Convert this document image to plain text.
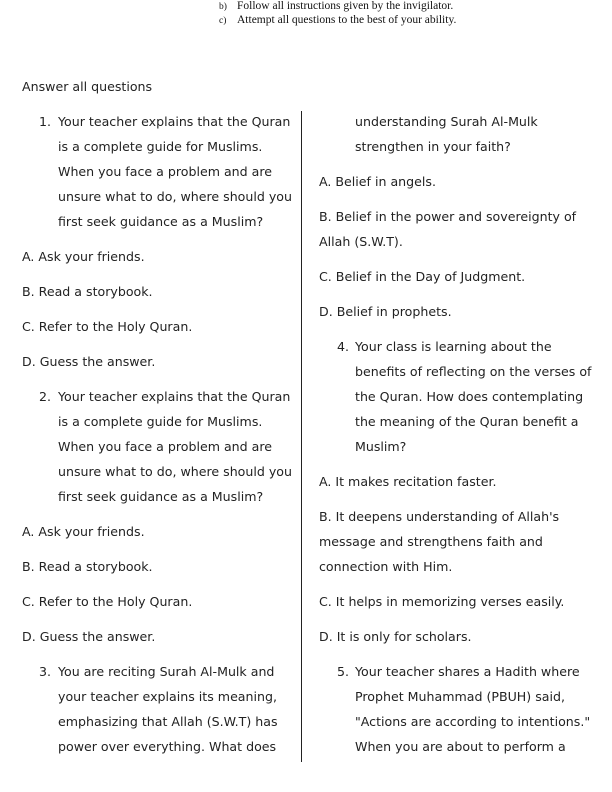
b) Follow all instructions given by the invigilator.
c) Attempt all questions to the best of your ability.
Answer all questions
1. Your teacher explains that the Quran
is a complete guide for Muslims.
When you face a problem and are
unsure what to do, where should you
first seek guidance as a Muslim?
A. Ask your friends.
B. Read a storybook.
C. Refer to the Holy Quran.
D. Guess the answer.
2. Your teacher explains that the Quran
is a complete guide for Muslims.
When you face a problem and are
unsure what to do, where should you
first seek guidance as a Muslim?
A. Ask your friends.
B. Read a storybook.
C. Refer to the Holy Quran.
D. Guess the answer.
3. You are reciting Surah Al-Mulk and
your teacher explains its meaning,
emphasizing that Allah (S.W.T) has
power over everything. What does
understanding Surah Al-Mulk
strengthen in your faith?
A. Belief in angels.
B. Belief in the power and sovereignty of
Allah (S.W.T).
C. Belief in the Day of Judgment.
D. Belief in prophets.
4. Your class is learning about the
benefits of reflecting on the verses of
the Quran. How does contemplating
the meaning of the Quran benefit a
Muslim?
A. It makes recitation faster.
B. It deepens understanding of Allah's
message and strengthens faith and
connection with Him.
C. It helps in memorizing verses easily.
D. It is only for scholars.
5. Your teacher shares a Hadith where
Prophet Muhammad (PBUH) said,
"Actions are according to intentions."
When you are about to perform a
